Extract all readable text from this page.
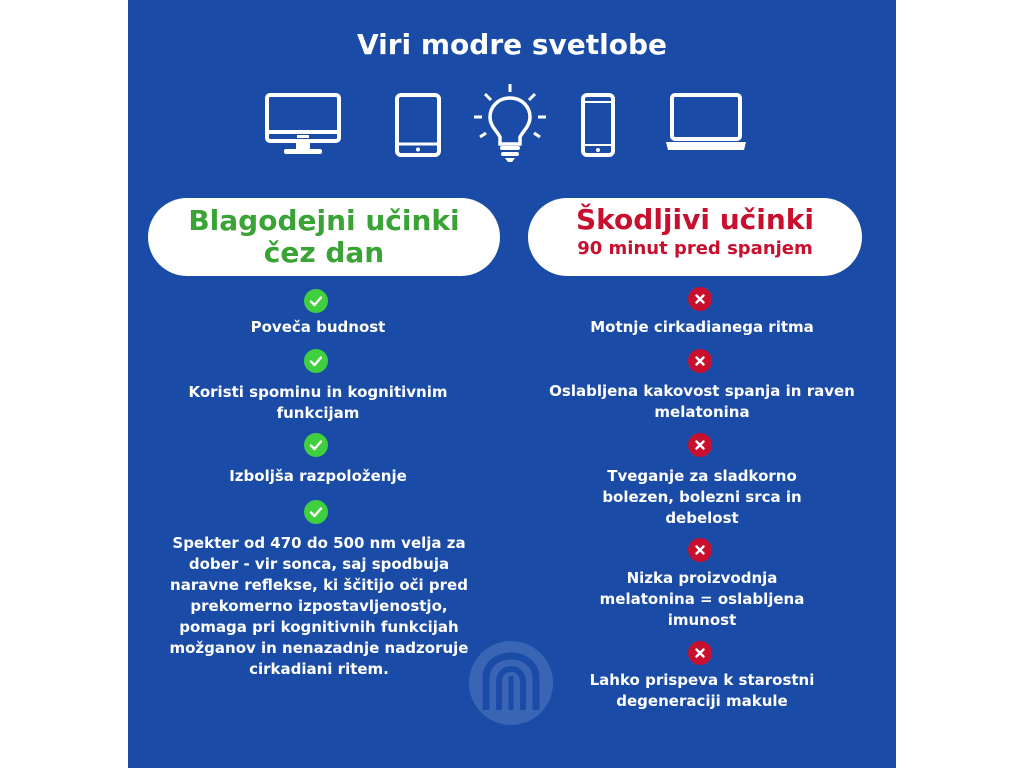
Viri modre svetlobe
Blagodejni učinki
čez dan
Škodljivi učinki
90 minut pred spanjem
Poveča budnost
Koristi spominu in kognitivnim funkcijam
Izboljša razpoloženje
Spekter od 470 do 500 nm velja za dober - vir sonca, saj spodbuja naravne reflekse, ki ščitijo oči pred prekomerno izpostavljenostjo, pomaga pri kognitivnih funkcijah možganov in nenazadnje nadzoruje cirkadiani ritem.
Motnje cirkadianega ritma
Oslabljena kakovost spanja in raven melatonina
Tveganje za sladkorno bolezen, bolezni srca in debelost
Nizka proizvodnja melatonina = oslabljena imunost
Lahko prispeva k starostni degeneraciji makule
